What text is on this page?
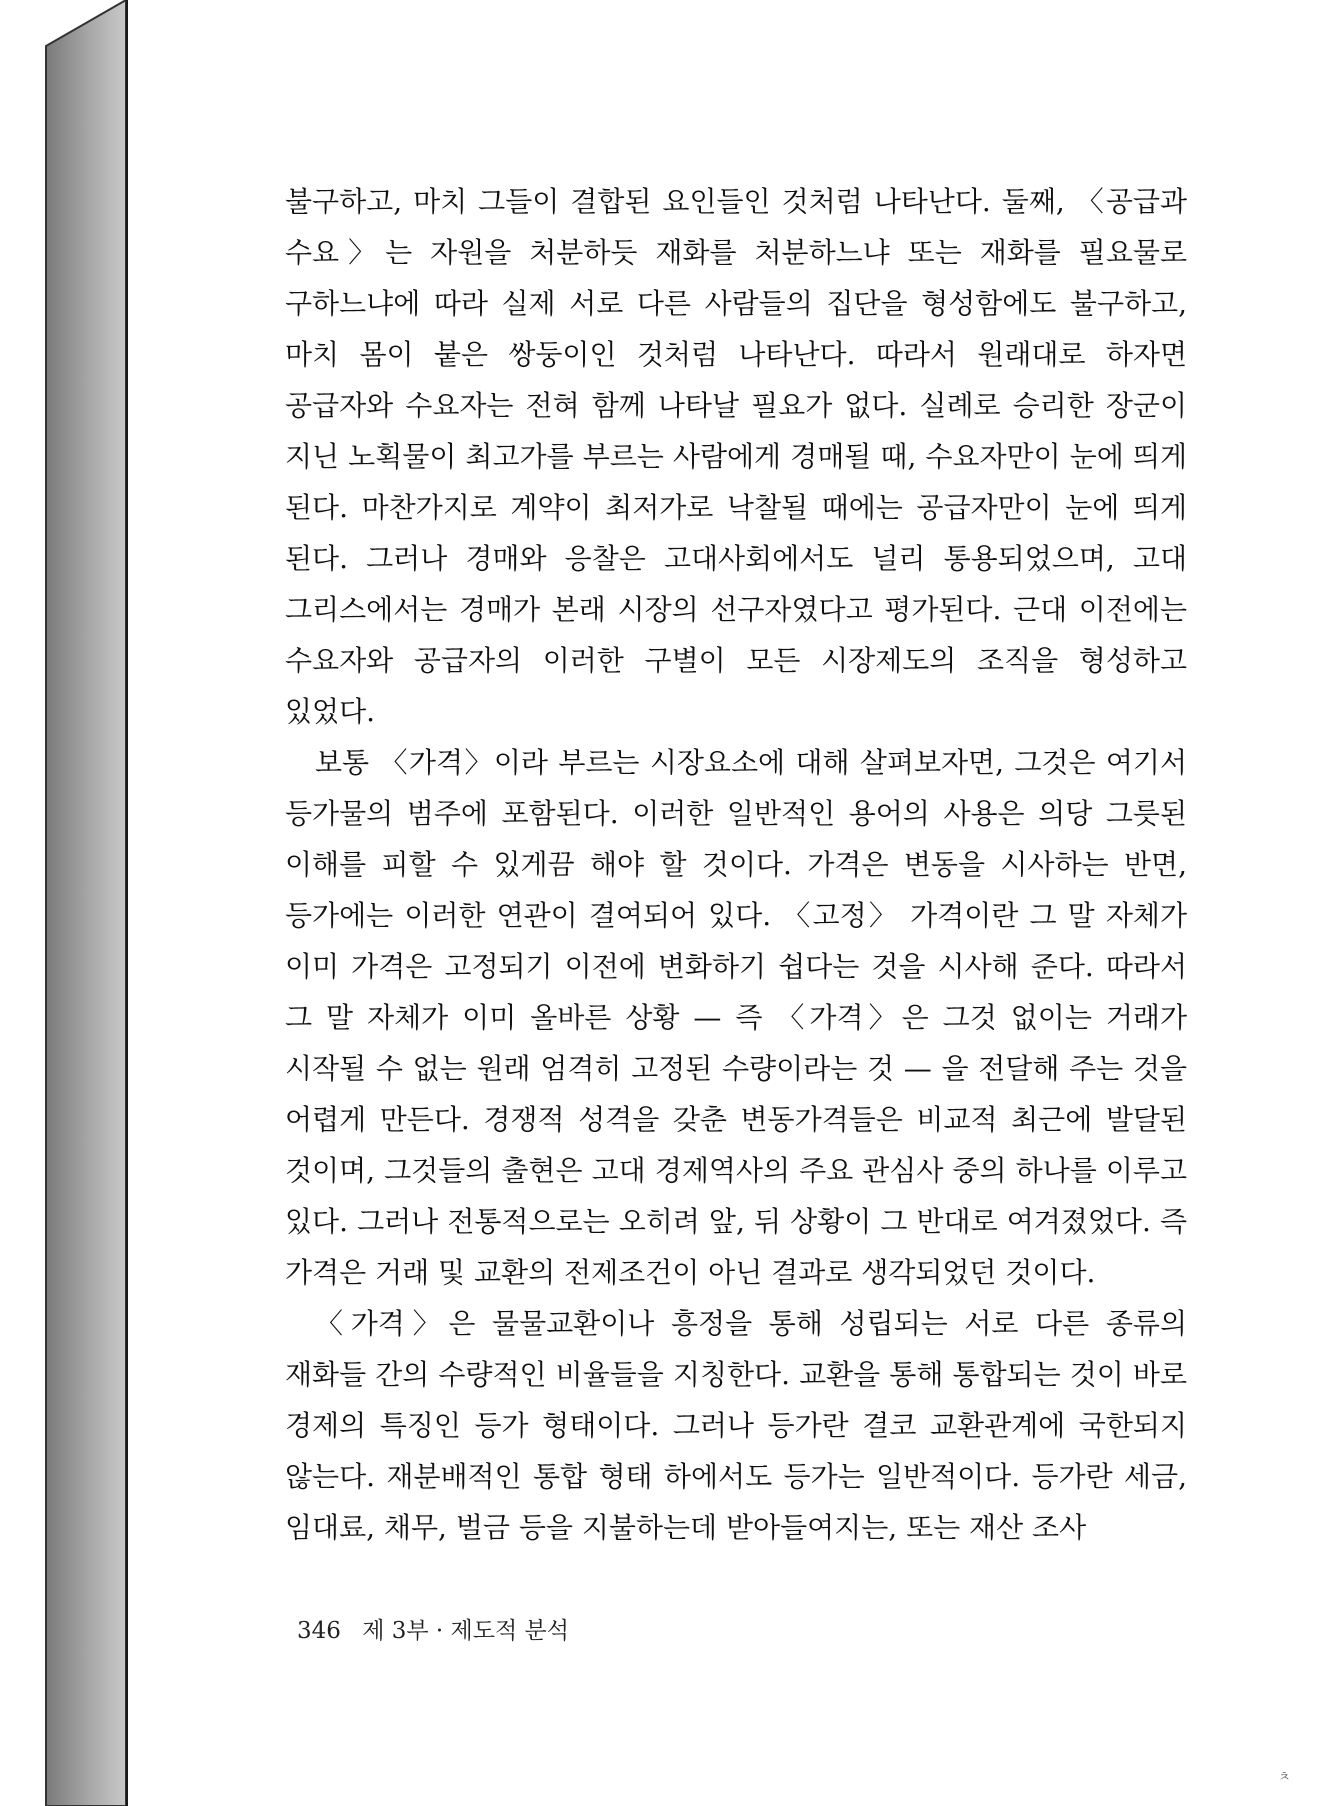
불구하고, 마치 그들이 결합된 요인들인 것처럼 나타난다. 둘째, 〈공급과 수요〉는 자원을 처분하듯 재화를 처분하느냐 또는 재화를 필요물로 구하느냐에 따라 실제 서로 다른 사람들의 집단을 형성함에도 불구하고, 마치 몸이 붙은 쌍둥이인 것처럼 나타난다. 따라서 원래대로 하자면 공급자와 수요자는 전혀 함께 나타날 필요가 없다. 실례로 승리한 장군이 지닌 노획물이 최고가를 부르는 사람에게 경매될 때, 수요자만이 눈에 띄게 된다. 마찬가지로 계약이 최저가로 낙찰될 때에는 공급자만이 눈에 띄게 된다. 그러나 경매와 응찰은 고대사회에서도 널리 통용되었으며, 고대 그리스에서는 경매가 본래 시장의 선구자였다고 평가된다. 근대 이전에는 수요자와 공급자의 이러한 구별이 모든 시장제도의 조직을 형성하고 있었다.

보통 〈가격〉이라 부르는 시장요소에 대해 살펴보자면, 그것은 여기서 등가물의 범주에 포함된다. 이러한 일반적인 용어의 사용은 의당 그릇된 이해를 피할 수 있게끔 해야 할 것이다. 가격은 변동을 시사하는 반면, 등가에는 이러한 연관이 결여되어 있다. 〈고정〉 가격이란 그 말 자체가 이미 가격은 고정되기 이전에 변화하기 쉽다는 것을 시사해 준다. 따라서 그 말 자체가 이미 올바른 상황 — 즉 〈가격〉은 그것 없이는 거래가 시작될 수 없는 원래 엄격히 고정된 수량이라는 것 — 을 전달해 주는 것을 어렵게 만든다. 경쟁적 성격을 갖춘 변동가격들은 비교적 최근에 발달된 것이며, 그것들의 출현은 고대 경제역사의 주요 관심사 중의 하나를 이루고 있다. 그러나 전통적으로는 오히려 앞, 뒤 상황이 그 반대로 여겨졌었다. 즉 가격은 거래 및 교환의 전제조건이 아닌 결과로 생각되었던 것이다.

〈가격〉은 물물교환이나 흥정을 통해 성립되는 서로 다른 종류의 재화들 간의 수량적인 비율들을 지칭한다. 교환을 통해 통합되는 것이 바로 경제의 특징인 등가 형태이다. 그러나 등가란 결코 교환관계에 국한되지 않는다. 재분배적인 통합 형태 하에서도 등가는 일반적이다. 등가란 세금, 임대료, 채무, 벌금 등을 지불하는데 받아들여지는, 또는 재산 조사

346 제 3부 · 제도적 분석
ㅊ
